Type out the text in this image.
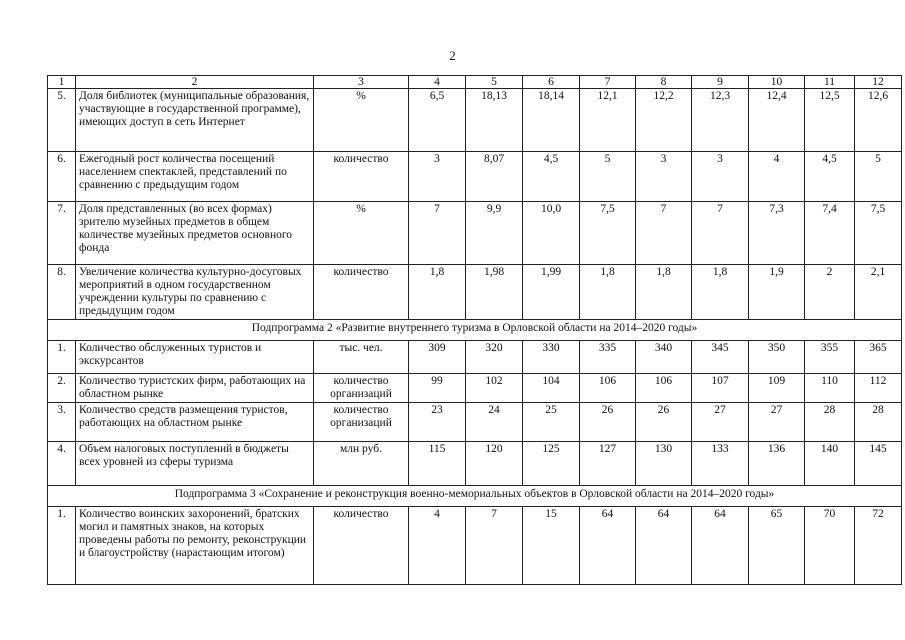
2
1	2	3	4	5	6	7	8	9	10	11	12
5.	Доля библиотек (муниципальные образования, участвующие в государственной программе), имеющих доступ в сеть Интернет	%	6,5	18,13	18,14	12,1	12,2	12,3	12,4	12,5	12,6
6.	Ежегодный рост количества посещений населением спектаклей, представлений по сравнению с предыдущим годом	количество	3	8,07	4,5	5	3	3	4	4,5	5
7.	Доля представленных (во всех формах) зрителю музейных предметов в общем количестве музейных предметов основного фонда	%	7	9,9	10,0	7,5	7	7	7,3	7,4	7,5
8.	Увеличение количества культурно-досуговых мероприятий в одном государственном учреждении культуры по сравнению с предыдущим годом	количество	1,8	1,98	1,99	1,8	1,8	1,8	1,9	2	2,1
Подпрограмма 2 «Развитие внутреннего туризма в Орловской области на 2014–2020 годы»											
1.	Количество обслуженных туристов и экскурсантов	тыс. чел.	309	320	330	335	340	345	350	355	365
2.	Количество туристских фирм, работающих на областном рынке	количество организаций	99	102	104	106	106	107	109	110	112
3.	Количество средств размещения туристов, работающих на областном рынке	количество организаций	23	24	25	26	26	27	27	28	28
4.	Объем налоговых поступлений в бюджеты всех уровней из сферы туризма	млн руб.	115	120	125	127	130	133	136	140	145
Подпрограмма 3 «Сохранение и реконструкция военно-мемориальных объектов в Орловской области на 2014–2020 годы»											
1.	Количество воинских захоронений, братских могил и памятных знаков, на которых проведены работы по ремонту, реконструкции и благоустройству (нарастающим итогом)	количество	4	7	15	64	64	64	65	70	72
